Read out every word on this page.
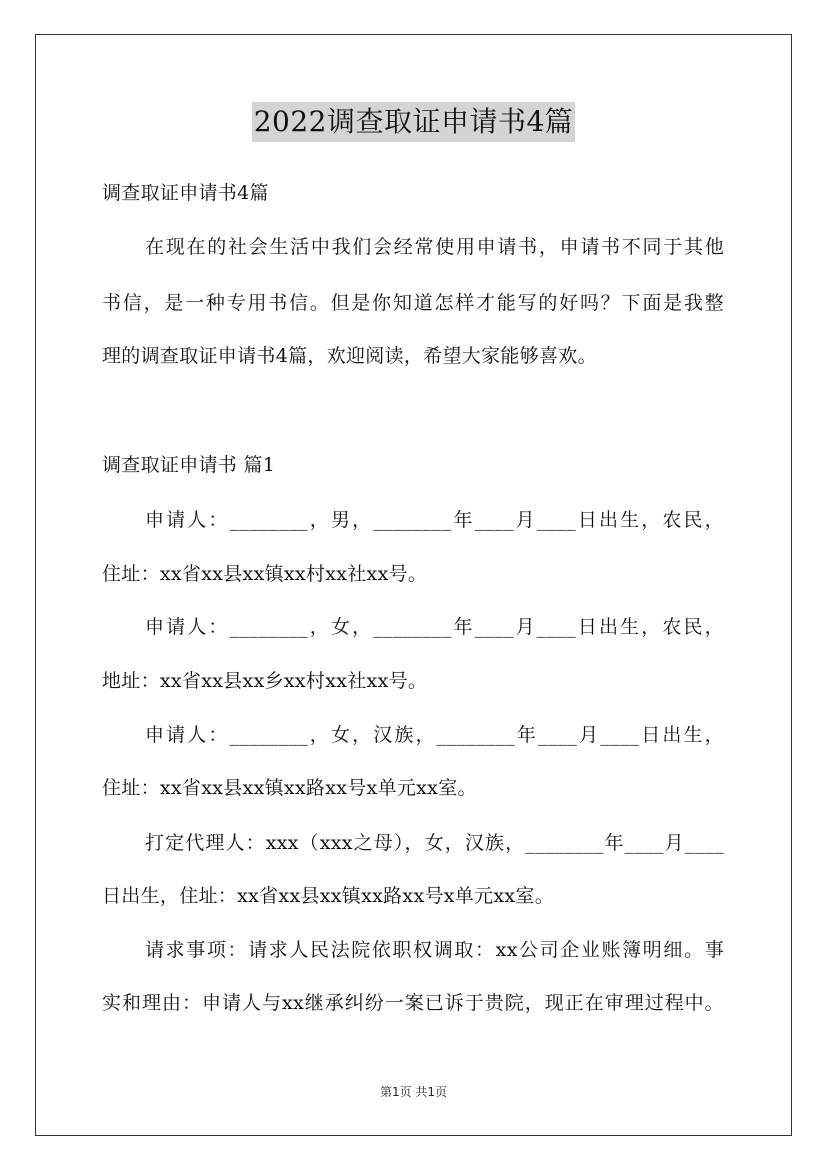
2022调查取证申请书4篇
调查取证申请书4篇
在现在的社会生活中我们会经常使用申请书，申请书不同于其他
书信，是一种专用书信。但是你知道怎样才能写的好吗？下面是我整
理的调查取证申请书4篇，欢迎阅读，希望大家能够喜欢。
调查取证申请书 篇1
申请人：________，男，________年____月____日出生，农民，
住址：xx省xx县xx镇xx村xx社xx号。
申请人：________，女，________年____月____日出生，农民，
地址：xx省xx县xx乡xx村xx社xx号。
申请人：________，女，汉族，________年____月____日出生，
住址：xx省xx县xx镇xx路xx号x单元xx室。
打定代理人：xxx（xxx之母），女，汉族，________年____月____
日出生，住址：xx省xx县xx镇xx路xx号x单元xx室。
请求事项：请求人民法院依职权调取：xx公司企业账簿明细。事
实和理由：申请人与xx继承纠纷一案已诉于贵院，现正在审理过程中。
第1页 共1页
